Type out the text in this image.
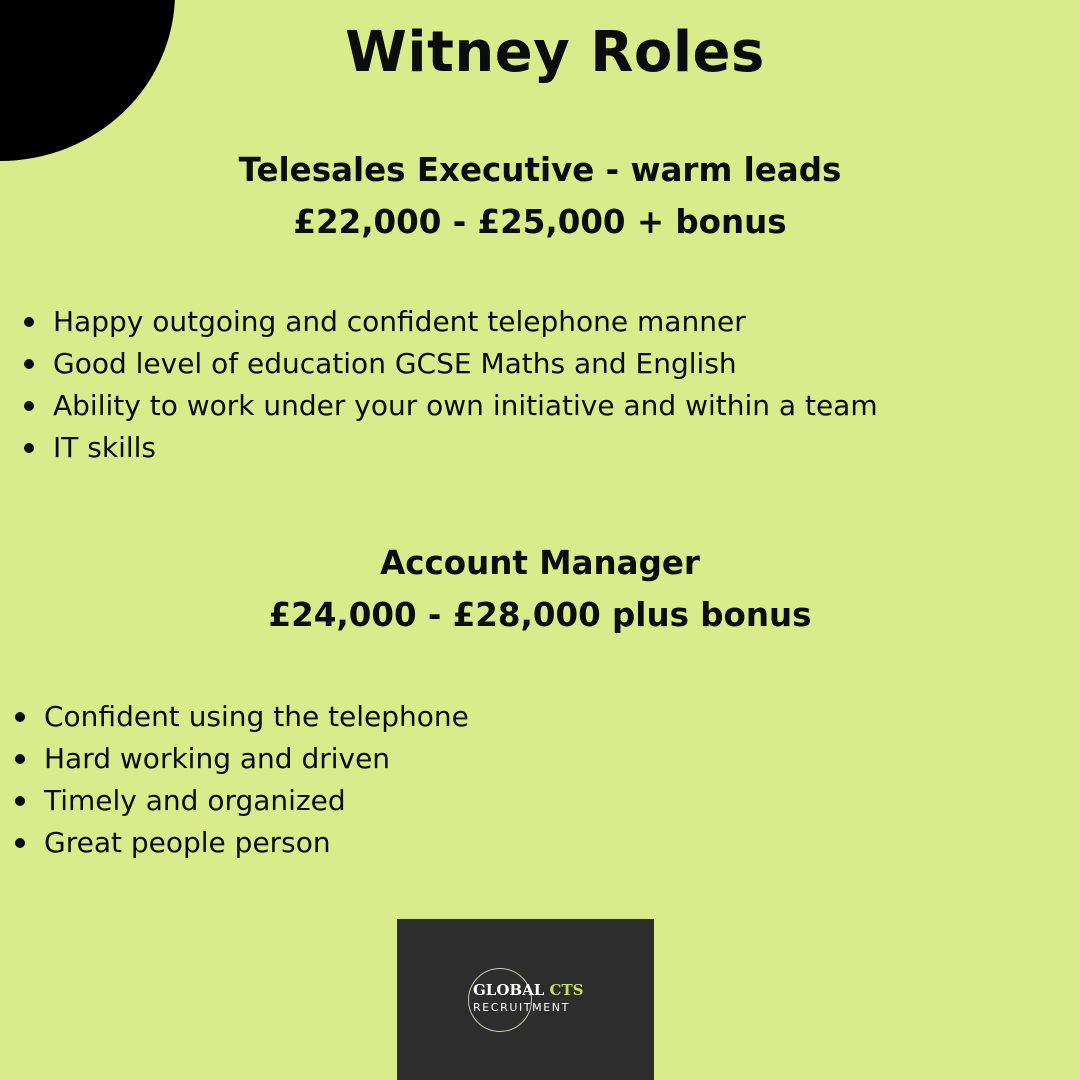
Witney Roles
Telesales Executive - warm leads
£22,000 - £25,000 + bonus
Happy outgoing and confident telephone manner
Good level of education GCSE Maths and English
Ability to work under your own initiative and within a team
IT skills
Account Manager
£24,000 - £28,000 plus bonus
Confident using the telephone
Hard working and driven
Timely and organized
Great people person
GLOBAL CTS
RECRUITMENT
